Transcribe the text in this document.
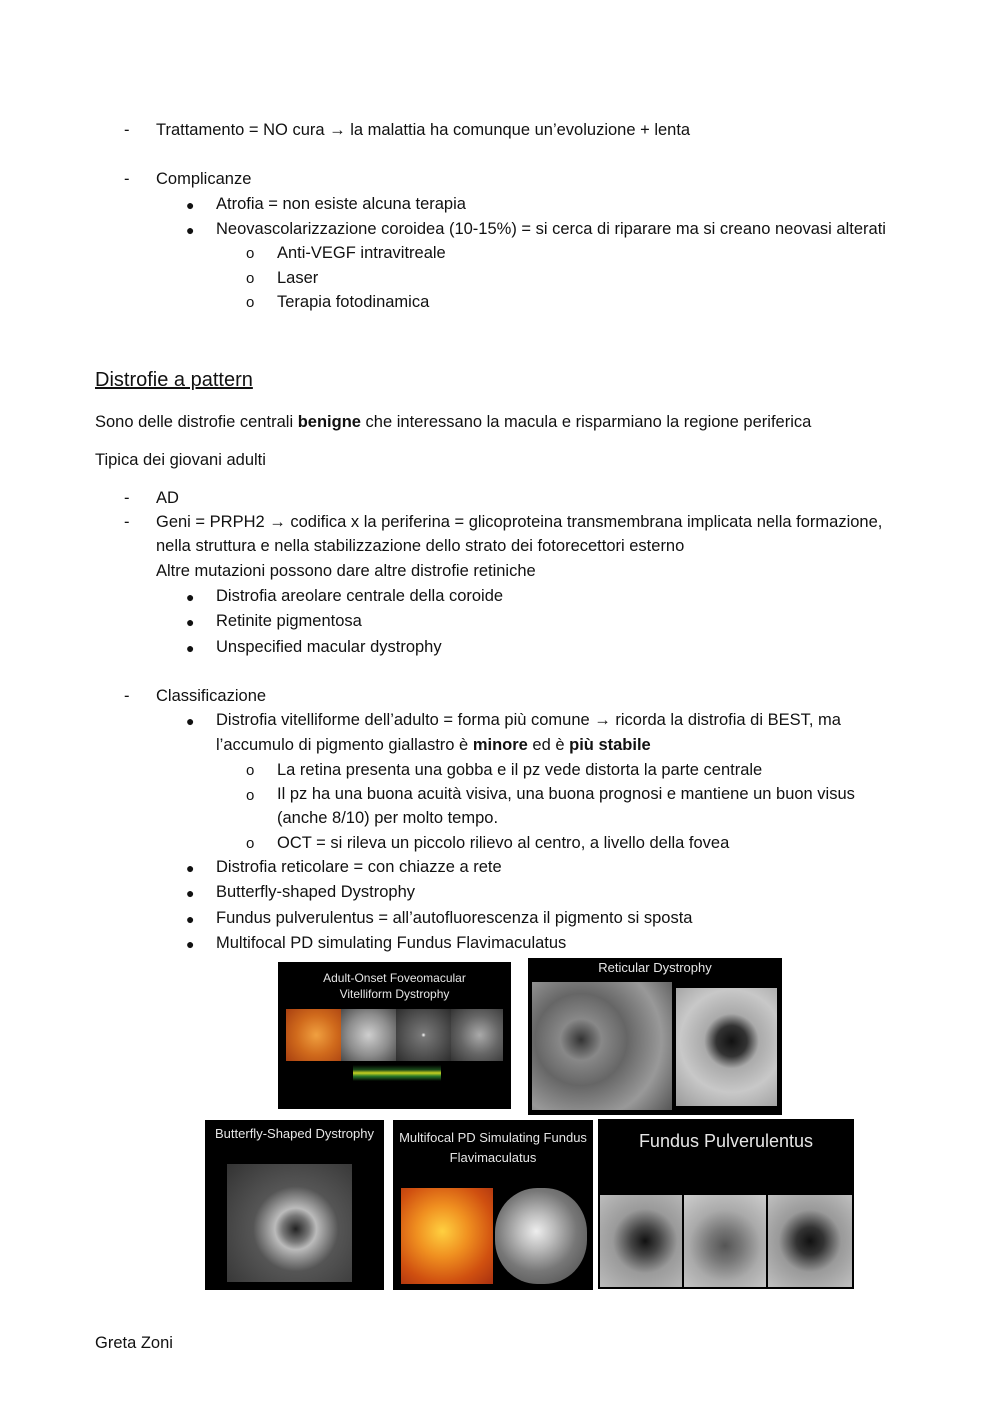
- Trattamento = NO cura → la malattia ha comunque un’evoluzione + lenta
- Complicanze
● Atrofia = non esiste alcuna terapia
● Neovascolarizzazione coroidea (10-15%) = si cerca di riparare ma si creano neovasi alterati
o Anti-VEGF intravitreale
o Laser
o Terapia fotodinamica
Distrofie a pattern
Sono delle distrofie centrali benigne che interessano la macula e risparmiano la regione periferica
Tipica dei giovani adulti
- AD
- Geni = PRPH2 → codifica x la periferina = glicoproteina transmembrana implicata nella formazione,
nella struttura e nella stabilizzazione dello strato dei fotorecettori esterno
Altre mutazioni possono dare altre distrofie retiniche
● Distrofia areolare centrale della coroide
● Retinite pigmentosa
● Unspecified macular dystrophy
- Classificazione
● Distrofia vitelliforme dell’adulto = forma più comune → ricorda la distrofia di BEST, ma
l’accumulo di pigmento giallastro è minore ed è più stabile
o La retina presenta una gobba e il pz vede distorta la parte centrale
o Il pz ha una buona acuità visiva, una buona prognosi e mantiene un buon visus
(anche 8/10) per molto tempo.
o OCT = si rileva un piccolo rilievo al centro, a livello della fovea
● Distrofia reticolare = con chiazze a rete
● Butterfly-shaped Dystrophy
● Fundus pulverulentus = all’autofluorescenza il pigmento si sposta
● Multifocal PD simulating Fundus Flavimaculatus
Adult-Onset Foveomacular
Vitelliform Dystrophy
Reticular Dystrophy
Butterfly-Shaped Dystrophy	Multifocal PD Simulating Fundus
Flavimaculatus
Fundus Pulverulentus
Greta Zoni
